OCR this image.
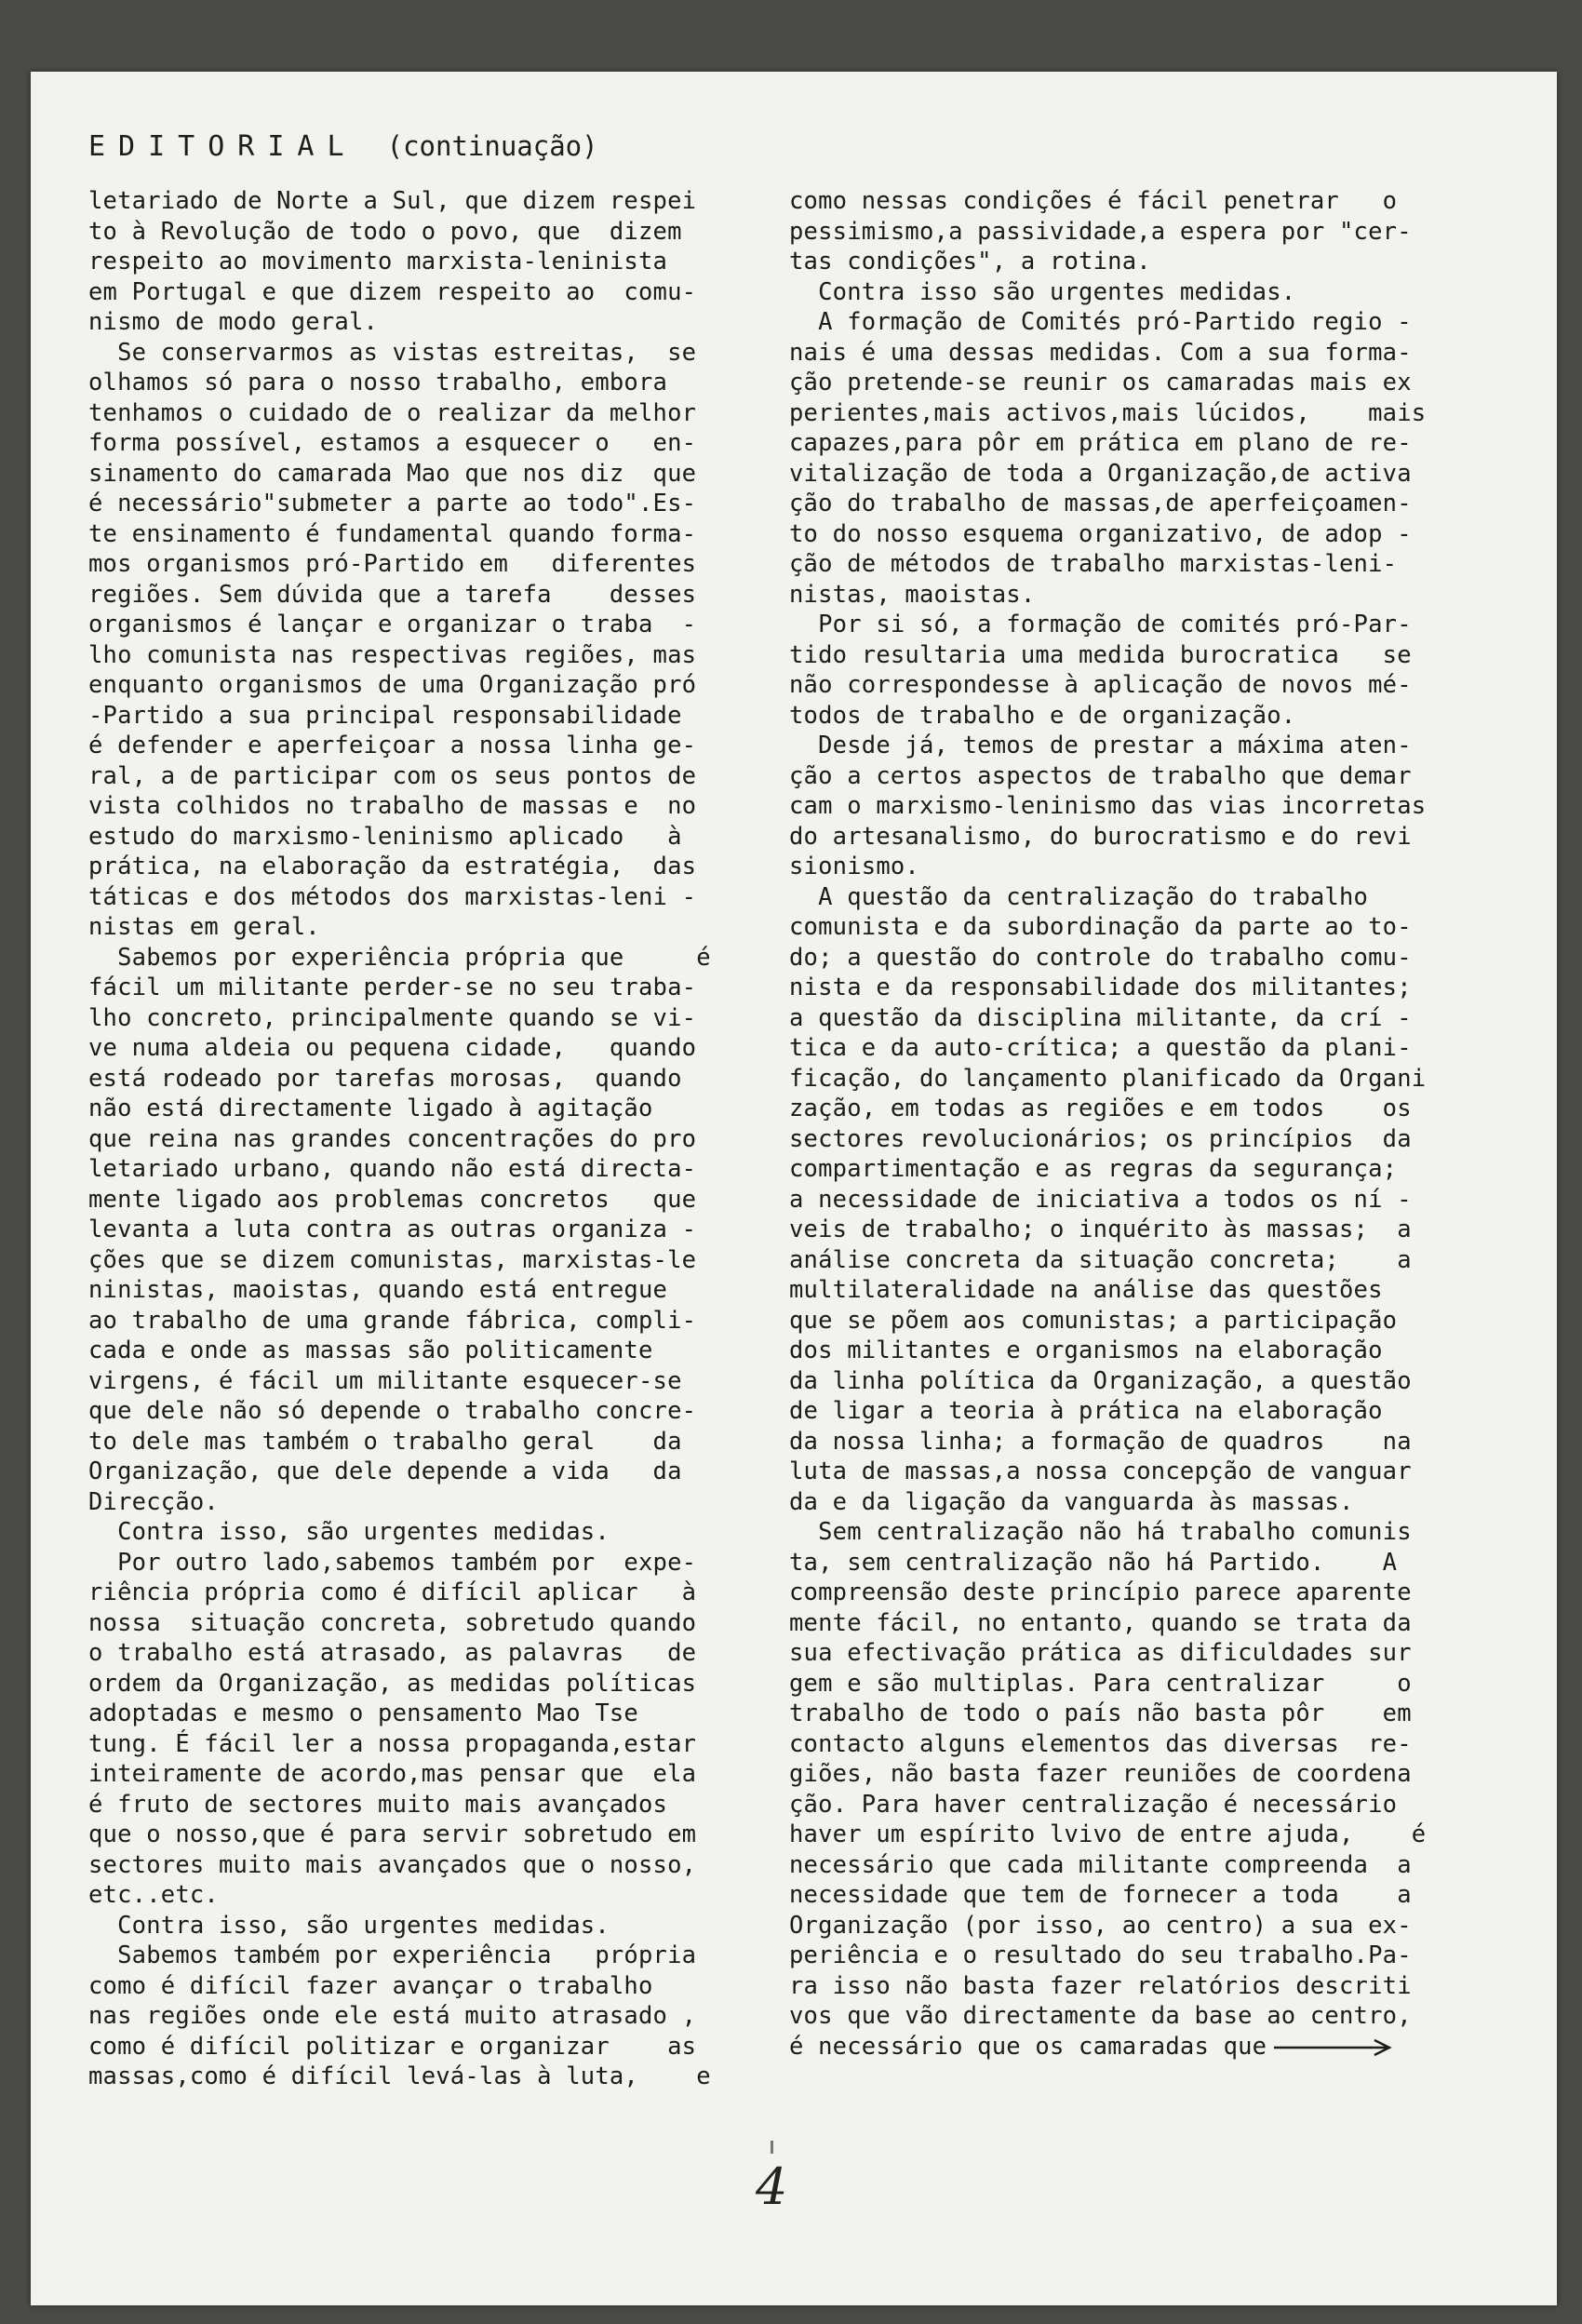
EDITORIAL (continuação)
letariado de Norte a Sul, que dizem respei
to à Revolução de todo o povo, que  dizem
respeito ao movimento marxista-leninista
em Portugal e que dizem respeito ao  comu-
nismo de modo geral.
Se conservarmos as vistas estreitas,  se
olhamos só para o nosso trabalho, embora
tenhamos o cuidado de o realizar da melhor
forma possível, estamos a esquecer o   en-
sinamento do camarada Mao que nos diz  que
é necessário"submeter a parte ao todo".Es-
te ensinamento é fundamental quando forma-
mos organismos pró-Partido em   diferentes
regiões. Sem dúvida que a tarefa    desses
organismos é lançar e organizar o traba  -
lho comunista nas respectivas regiões, mas
enquanto organismos de uma Organização pró
-Partido a sua principal responsabilidade
é defender e aperfeiçoar a nossa linha ge-
ral, a de participar com os seus pontos de
vista colhidos no trabalho de massas e  no
estudo do marxismo-leninismo aplicado   à
prática, na elaboração da estratégia,  das
táticas e dos métodos dos marxistas-leni -
nistas em geral.
Sabemos por experiência própria que     é
fácil um militante perder-se no seu traba-
lho concreto, principalmente quando se vi-
ve numa aldeia ou pequena cidade,   quando
está rodeado por tarefas morosas,  quando
não está directamente ligado à agitação
que reina nas grandes concentrações do pro
letariado urbano, quando não está directa-
mente ligado aos problemas concretos   que
levanta a luta contra as outras organiza -
ções que se dizem comunistas, marxistas-le
ninistas, maoistas, quando está entregue
ao trabalho de uma grande fábrica, compli-
cada e onde as massas são politicamente
virgens, é fácil um militante esquecer-se
que dele não só depende o trabalho concre-
to dele mas também o trabalho geral    da
Organização, que dele depende a vida   da
Direcção.
Contra isso, são urgentes medidas.
Por outro lado,sabemos também por  expe-
riência própria como é difícil aplicar   à
nossa  situação concreta, sobretudo quando
o trabalho está atrasado, as palavras   de
ordem da Organização, as medidas políticas
adoptadas e mesmo o pensamento Mao Tse
tung. É fácil ler a nossa propaganda,estar
inteiramente de acordo,mas pensar que  ela
é fruto de sectores muito mais avançados
que o nosso,que é para servir sobretudo em
sectores muito mais avançados que o nosso,
etc..etc.
Contra isso, são urgentes medidas.
Sabemos também por experiência   própria
como é difícil fazer avançar o trabalho
nas regiões onde ele está muito atrasado ,
como é difícil politizar e organizar    as
massas,como é difícil levá-las à luta,    e
como nessas condições é fácil penetrar   o
pessimismo,a passividade,a espera por "cer-
tas condições", a rotina.
Contra isso são urgentes medidas.
A formação de Comités pró-Partido regio -
nais é uma dessas medidas. Com a sua forma-
ção pretende-se reunir os camaradas mais ex
perientes,mais activos,mais lúcidos,    mais
capazes,para pôr em prática em plano de re-
vitalização de toda a Organização,de activa
ção do trabalho de massas,de aperfeiçoamen-
to do nosso esquema organizativo, de adop -
ção de métodos de trabalho marxistas-leni-
nistas, maoistas.
Por si só, a formação de comités pró-Par-
tido resultaria uma medida burocratica   se
não correspondesse à aplicação de novos mé-
todos de trabalho e de organização.
Desde já, temos de prestar a máxima aten-
ção a certos aspectos de trabalho que demar
cam o marxismo-leninismo das vias incorretas
do artesanalismo, do burocratismo e do revi
sionismo.
A questão da centralização do trabalho
comunista e da subordinação da parte ao to-
do; a questão do controle do trabalho comu-
nista e da responsabilidade dos militantes;
a questão da disciplina militante, da crí -
tica e da auto-crítica; a questão da plani-
ficação, do lançamento planificado da Organi
zação, em todas as regiões e em todos    os
sectores revolucionários; os princípios  da
compartimentação e as regras da segurança;
a necessidade de iniciativa a todos os ní -
veis de trabalho; o inquérito às massas;  a
análise concreta da situação concreta;    a
multilateralidade na análise das questões
que se põem aos comunistas; a participação
dos militantes e organismos na elaboração
da linha política da Organização, a questão
de ligar a teoria à prática na elaboração
da nossa linha; a formação de quadros    na
luta de massas,a nossa concepção de vanguar
da e da ligação da vanguarda às massas.
Sem centralização não há trabalho comunis
ta, sem centralização não há Partido.    A
compreensão deste princípio parece aparente
mente fácil, no entanto, quando se trata da
sua efectivação prática as dificuldades sur
gem e são multiplas. Para centralizar     o
trabalho de todo o país não basta pôr    em
contacto alguns elementos das diversas  re-
giões, não basta fazer reuniões de coordena
ção. Para haver centralização é necessário
haver um espírito lvivo de entre ajuda,    é
necessário que cada militante compreenda  a
necessidade que tem de fornecer a toda    a
Organização (por isso, ao centro) a sua ex-
periência e o resultado do seu trabalho.Pa-
ra isso não basta fazer relatórios descriti
vos que vão directamente da base ao centro,
é necessário que os camaradas que
4
